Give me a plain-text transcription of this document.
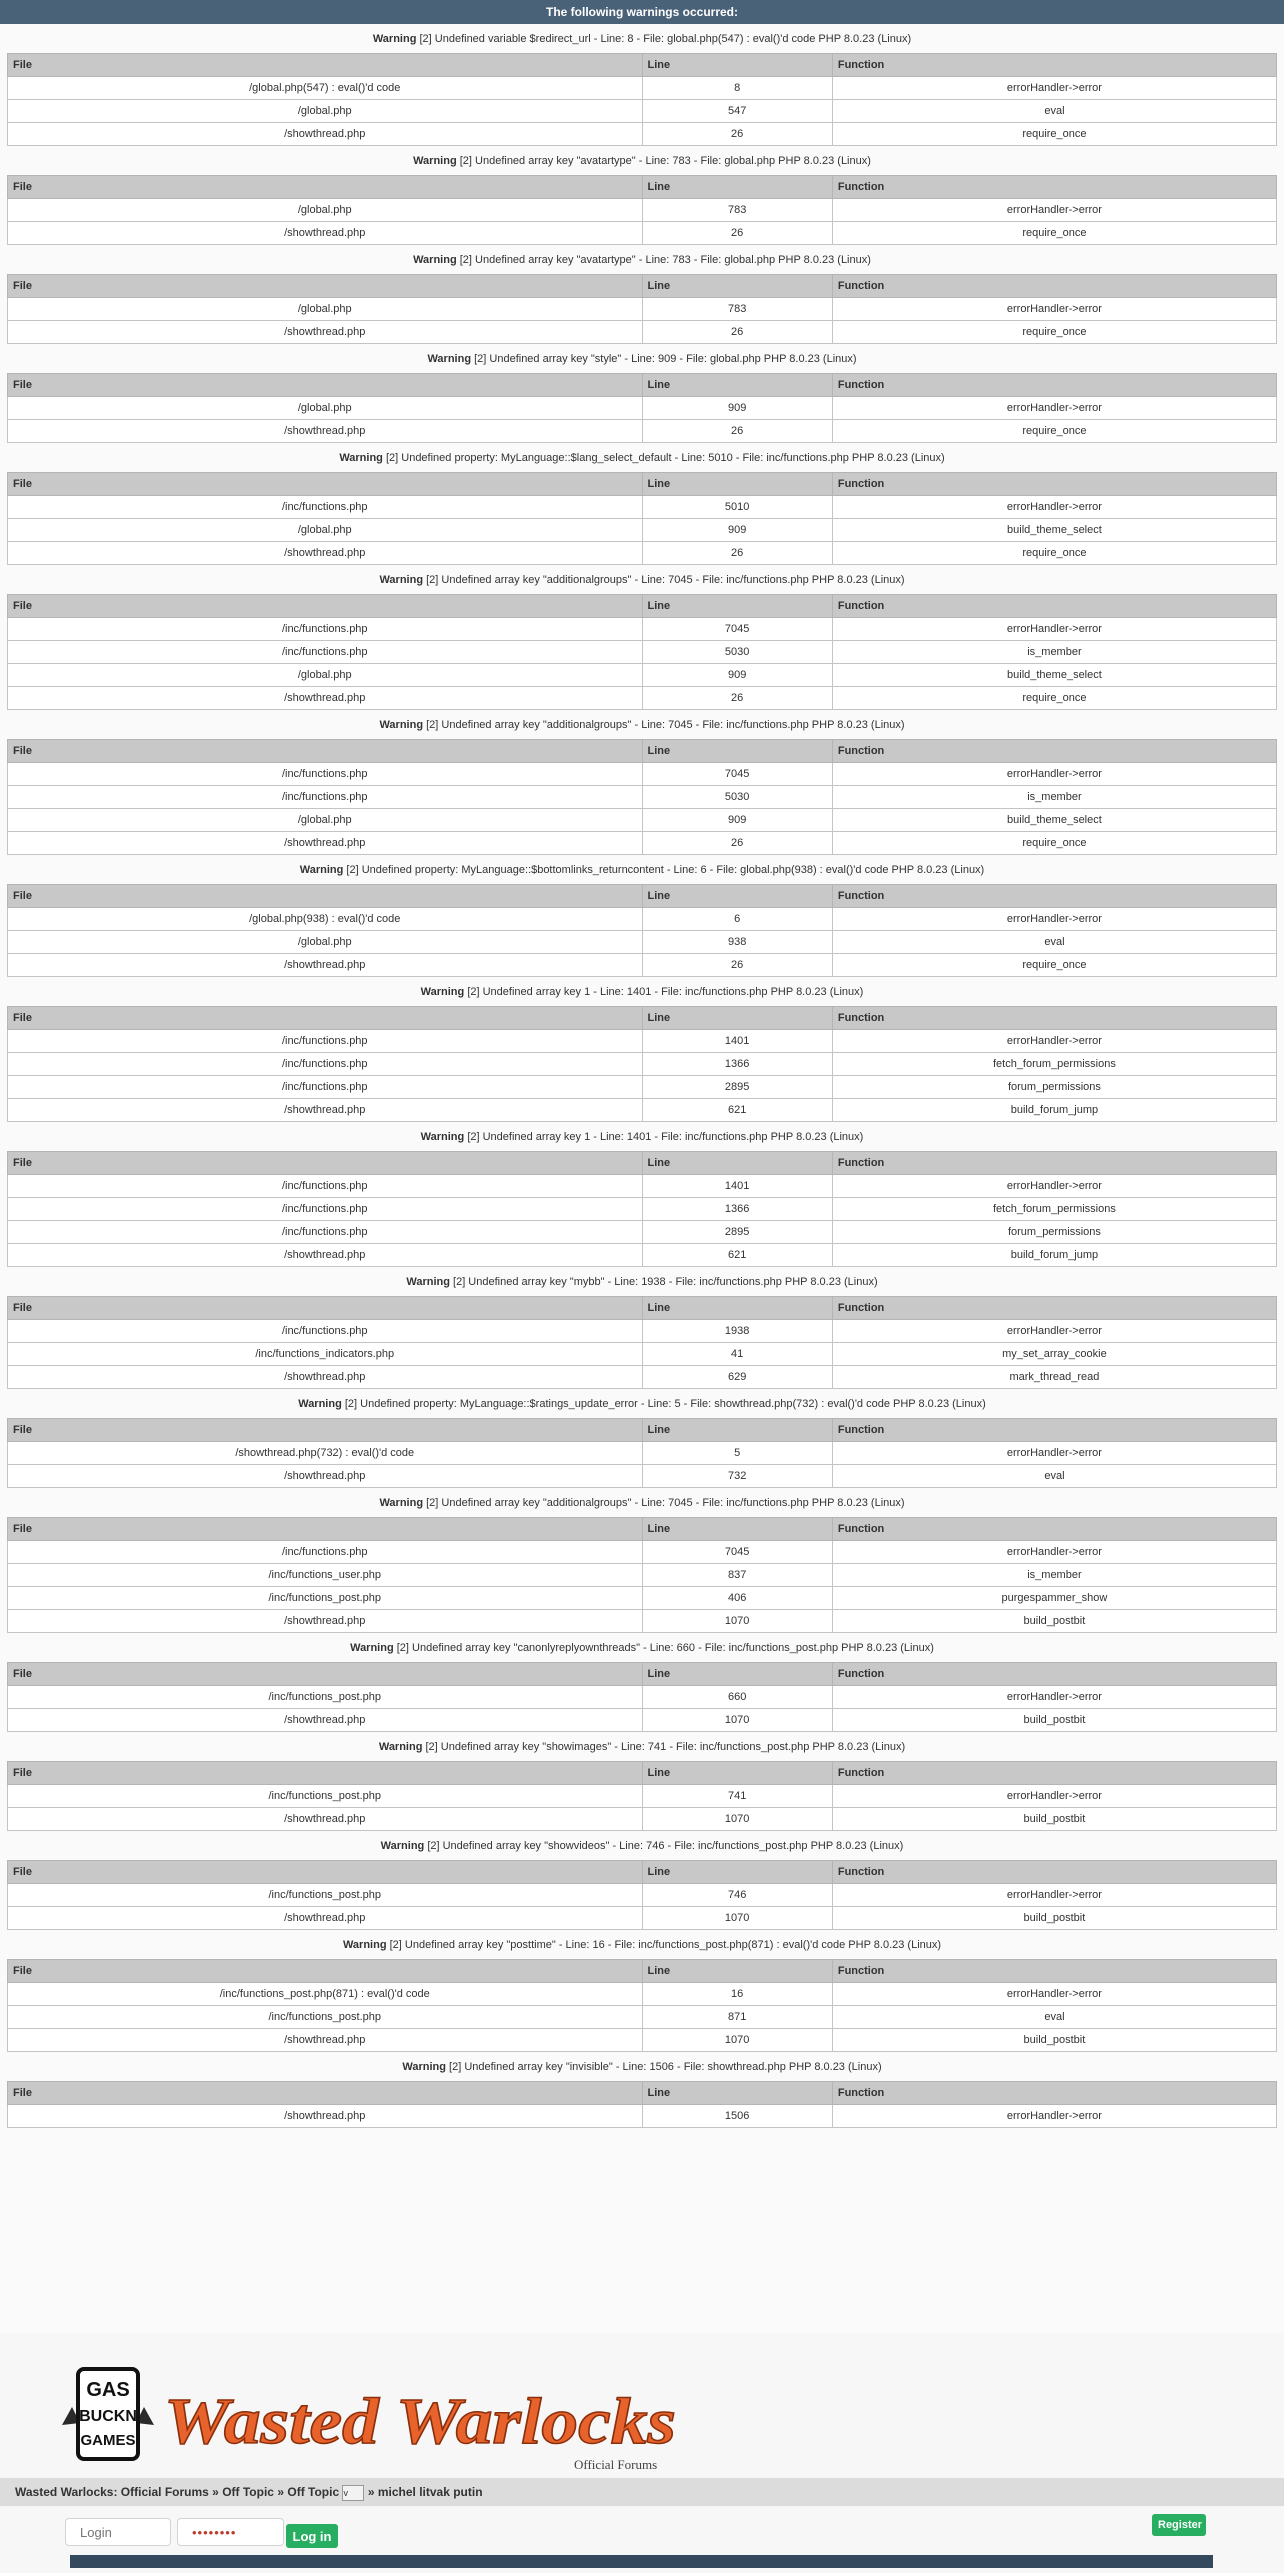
The following warnings occurred:
Warning [2] Undefined variable $redirect_url - Line: 8 - File: global.php(547) : eval()'d code PHP 8.0.23 (Linux)
File	Line	Function
/global.php(547) : eval()'d code	8	errorHandler->error
/global.php	547	eval
/showthread.php	26	require_once
Warning [2] Undefined array key "avatartype" - Line: 783 - File: global.php PHP 8.0.23 (Linux)
File	Line	Function
/global.php	783	errorHandler->error
/showthread.php	26	require_once
Warning [2] Undefined array key "avatartype" - Line: 783 - File: global.php PHP 8.0.23 (Linux)
File	Line	Function
/global.php	783	errorHandler->error
/showthread.php	26	require_once
Warning [2] Undefined array key "style" - Line: 909 - File: global.php PHP 8.0.23 (Linux)
File	Line	Function
/global.php	909	errorHandler->error
/showthread.php	26	require_once
Warning [2] Undefined property: MyLanguage::$lang_select_default - Line: 5010 - File: inc/functions.php PHP 8.0.23 (Linux)
File	Line	Function
/inc/functions.php	5010	errorHandler->error
/global.php	909	build_theme_select
/showthread.php	26	require_once
Warning [2] Undefined array key "additionalgroups" - Line: 7045 - File: inc/functions.php PHP 8.0.23 (Linux)
File	Line	Function
/inc/functions.php	7045	errorHandler->error
/inc/functions.php	5030	is_member
/global.php	909	build_theme_select
/showthread.php	26	require_once
Warning [2] Undefined array key "additionalgroups" - Line: 7045 - File: inc/functions.php PHP 8.0.23 (Linux)
File	Line	Function
/inc/functions.php	7045	errorHandler->error
/inc/functions.php	5030	is_member
/global.php	909	build_theme_select
/showthread.php	26	require_once
Warning [2] Undefined property: MyLanguage::$bottomlinks_returncontent - Line: 6 - File: global.php(938) : eval()'d code PHP 8.0.23 (Linux)
File	Line	Function
/global.php(938) : eval()'d code	6	errorHandler->error
/global.php	938	eval
/showthread.php	26	require_once
Warning [2] Undefined array key 1 - Line: 1401 - File: inc/functions.php PHP 8.0.23 (Linux)
File	Line	Function
/inc/functions.php	1401	errorHandler->error
/inc/functions.php	1366	fetch_forum_permissions
/inc/functions.php	2895	forum_permissions
/showthread.php	621	build_forum_jump
Warning [2] Undefined array key 1 - Line: 1401 - File: inc/functions.php PHP 8.0.23 (Linux)
File	Line	Function
/inc/functions.php	1401	errorHandler->error
/inc/functions.php	1366	fetch_forum_permissions
/inc/functions.php	2895	forum_permissions
/showthread.php	621	build_forum_jump
Warning [2] Undefined array key "mybb" - Line: 1938 - File: inc/functions.php PHP 8.0.23 (Linux)
File	Line	Function
/inc/functions.php	1938	errorHandler->error
/inc/functions_indicators.php	41	my_set_array_cookie
/showthread.php	629	mark_thread_read
Warning [2] Undefined property: MyLanguage::$ratings_update_error - Line: 5 - File: showthread.php(732) : eval()'d code PHP 8.0.23 (Linux)
File	Line	Function
/showthread.php(732) : eval()'d code	5	errorHandler->error
/showthread.php	732	eval
Warning [2] Undefined array key "additionalgroups" - Line: 7045 - File: inc/functions.php PHP 8.0.23 (Linux)
File	Line	Function
/inc/functions.php	7045	errorHandler->error
/inc/functions_user.php	837	is_member
/inc/functions_post.php	406	purgespammer_show
/showthread.php	1070	build_postbit
Warning [2] Undefined array key "canonlyreplyownthreads" - Line: 660 - File: inc/functions_post.php PHP 8.0.23 (Linux)
File	Line	Function
/inc/functions_post.php	660	errorHandler->error
/showthread.php	1070	build_postbit
Warning [2] Undefined array key "showimages" - Line: 741 - File: inc/functions_post.php PHP 8.0.23 (Linux)
File	Line	Function
/inc/functions_post.php	741	errorHandler->error
/showthread.php	1070	build_postbit
Warning [2] Undefined array key "showvideos" - Line: 746 - File: inc/functions_post.php PHP 8.0.23 (Linux)
File	Line	Function
/inc/functions_post.php	746	errorHandler->error
/showthread.php	1070	build_postbit
Warning [2] Undefined array key "posttime" - Line: 16 - File: inc/functions_post.php(871) : eval()'d code PHP 8.0.23 (Linux)
File	Line	Function
/inc/functions_post.php(871) : eval()'d code	16	errorHandler->error
/inc/functions_post.php	871	eval
/showthread.php	1070	build_postbit
Warning [2] Undefined array key "invisible" - Line: 1506 - File: showthread.php PHP 8.0.23 (Linux)
File	Line	Function
/showthread.php	1506	errorHandler->error
GAS
BUCKN
GAMES Wasted Warlocks
Official Forums
Wasted Warlocks: Official Forums » Off Topic » Off Topic v » michel litvak putin
Login
••••••••
Log in
Register
